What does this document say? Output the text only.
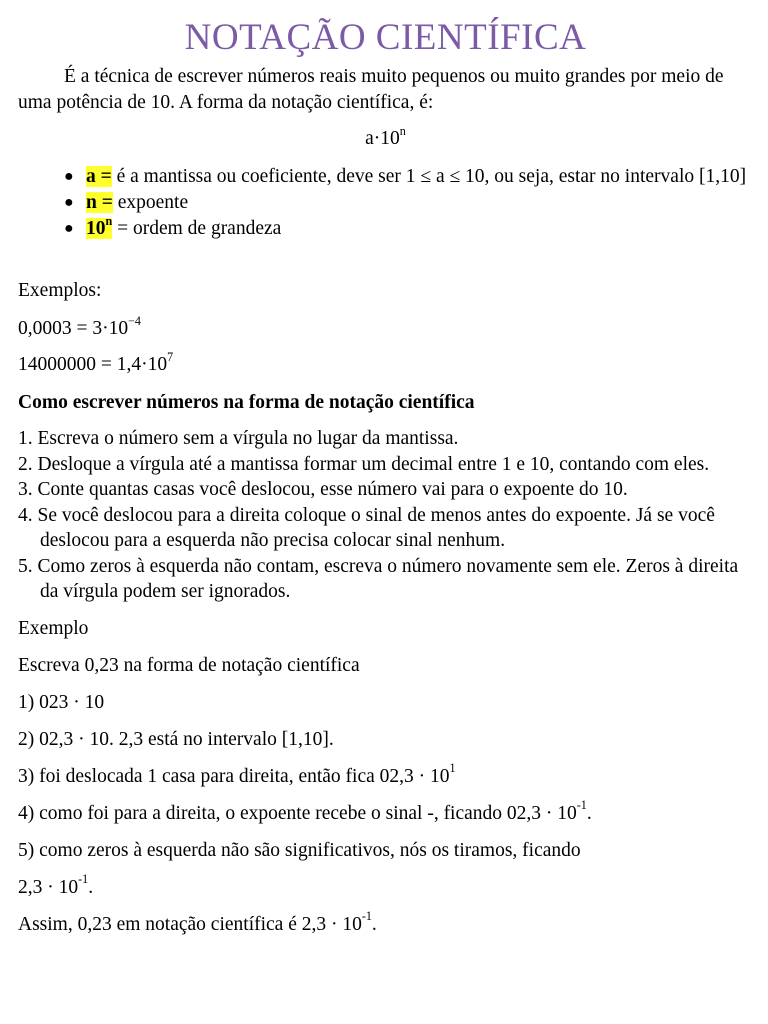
NOTAÇÃO CIENTÍFICA

É a técnica de escrever números reais muito pequenos ou muito grandes por meio de uma potência de 10. A forma da notação científica, é:

$a\cdot 10^n$

● a = é a mantissa ou coeficiente, deve ser 1 ≤ a ≤ 10, ou seja, estar no intervalo [1,10]
● n = expoente
● $10^n$ = ordem de grandeza

Exemplos:

$0,0003 = 3\cdot 10^{-4}$

$14000000 = 1,4\cdot 10^7$

Como escrever números na forma de notação científica

1. Escreva o número sem a vírgula no lugar da mantissa.
2. Desloque a vírgula até a mantissa formar um decimal entre 1 e 10, contando com eles.
3. Conte quantas casas você deslocou, esse número vai para o expoente do 10.
4. Se você deslocou para a direita coloque o sinal de menos antes do expoente. Já se você deslocou para a esquerda não precisa colocar sinal nenhum.
5. Como zeros à esquerda não contam, escreva o número novamente sem ele. Zeros à direita da vírgula podem ser ignorados.

Exemplo

Escreva 0,23 na forma de notação científica

1) 023 · 10

2) 02,3 · 10. 2,3 está no intervalo [1,10].

3) foi deslocada 1 casa para direita, então fica $02,3 \cdot 10^1$

4) como foi para a direita, o expoente recebe o sinal -, ficando $02,3 \cdot 10^{-1}$.

5) como zeros à esquerda não são significativos, nós os tiramos, ficando

$2,3 \cdot 10^{-1}$.

Assim, 0,23 em notação científica é $2,3 \cdot 10^{-1}$.
